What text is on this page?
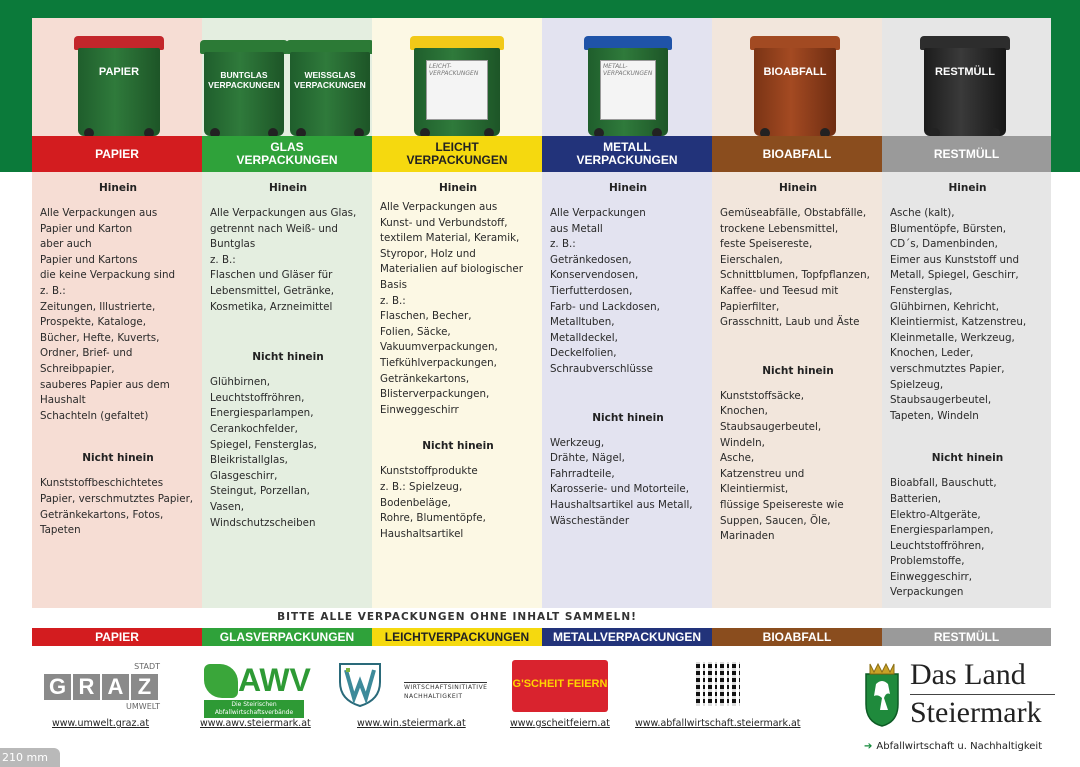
PAPIER
PAPIER
Hinein
Alle Verpackungen aus
Papier und Karton
aber auch
Papier und Kartons
die keine Verpackung sind
z. B.:
Zeitungen, Illustrierte,
Prospekte, Kataloge,
Bücher, Hefte, Kuverts,
Ordner, Brief- und
Schreibpapier,
sauberes Papier aus dem
Haushalt
Schachteln (gefaltet)
Nicht hinein
Kunststoffbeschichtetes
Papier, verschmutztes Papier,
Getränkekartons, Fotos,
Tapeten
BUNTGLAS
VERPACKUNGEN
WEISSGLAS
VERPACKUNGEN
GLAS
VERPACKUNGEN
Hinein
Alle Verpackungen aus Glas,
getrennt nach Weiß- und
Buntglas
z. B.:
Flaschen und Gläser für
Lebensmittel, Getränke,
Kosmetika, Arzneimittel
Nicht hinein
Glühbirnen,
Leuchtstoffröhren,
Energiesparlampen,
Cerankochfelder,
Spiegel, Fensterglas,
Bleikristallglas,
Glasgeschirr,
Steingut, Porzellan,
Vasen,
Windschutzscheiben
LEICHT-
VERPACKUNGEN
LEICHT
VERPACKUNGEN
Hinein
Alle Verpackungen aus
Kunst- und Verbundstoff,
textilem Material, Keramik,
Styropor, Holz und
Materialien auf biologischer
Basis
z. B.:
Flaschen, Becher,
Folien, Säcke,
Vakuumverpackungen,
Tiefkühlverpackungen,
Getränkekartons,
Blisterverpackungen,
Einweggeschirr
Nicht hinein
Kunststoffprodukte
z. B.: Spielzeug, Bodenbeläge,
Rohre, Blumentöpfe,
Haushaltsartikel
METALL-
VERPACKUNGEN
METALL
VERPACKUNGEN
Hinein
Alle Verpackungen
aus Metall
z. B.:
Getränkedosen,
Konservendosen,
Tierfutterdosen,
Farb- und Lackdosen,
Metalltuben,
Metalldeckel,
Deckelfolien,
Schraubverschlüsse
Nicht hinein
Werkzeug,
Drähte, Nägel,
Fahrradteile,
Karosserie- und Motorteile,
Haushaltsartikel aus Metall,
Wäscheständer
BIOABFALL
BIOABFALL
Hinein
Gemüseabfälle, Obstabfälle,
trockene Lebensmittel,
feste Speisereste,
Eierschalen,
Schnittblumen, Topfpflanzen,
Kaffee- und Teesud mit
Papierfilter,
Grasschnitt, Laub und Äste
Nicht hinein
Kunststoffsäcke,
Knochen,
Staubsaugerbeutel,
Windeln,
Asche,
Katzenstreu und
Kleintiermist,
flüssige Speisereste wie
Suppen, Saucen, Öle,
Marinaden
RESTMÜLL
RESTMÜLL
Hinein
Asche (kalt),
Blumentöpfe, Bürsten,
CD´s, Damenbinden,
Eimer aus Kunststoff und
Metall, Spiegel, Geschirr,
Fensterglas,
Glühbirnen, Kehricht,
Kleintiermist, Katzenstreu,
Kleinmetalle, Werkzeug,
Knochen, Leder,
verschmutztes Papier,
Spielzeug, Staubsaugerbeutel,
Tapeten, Windeln
Nicht hinein
Bioabfall, Bauschutt,
Batterien,
Elektro-Altgeräte,
Energiesparlampen,
Leuchtstoffröhren,
Problemstoffe,
Einweggeschirr,
Verpackungen
BITTE ALLE VERPACKUNGEN OHNE INHALT SAMMELN!
PAPIER	GLASVERPACKUNGEN	LEICHTVERPACKUNGEN	METALLVERPACKUNGEN	BIOABFALL	RESTMÜLL
STADT
G R A Z
UMWELT
www.umwelt.graz.at
AWV
Die Steirischen Abfallwirtschaftsverbände
www.awv.steiermark.at
WIRTSCHAFTSINITIATIVE
NACHHALTIGKEIT
www.win.steiermark.at
G'SCHEIT FEIERN
www.gscheitfeiern.at	www.abfallwirtschaft.steiermark.at
Das Land
Steiermark
➔ Abfallwirtschaft u. Nachhaltigkeit
210 mm
